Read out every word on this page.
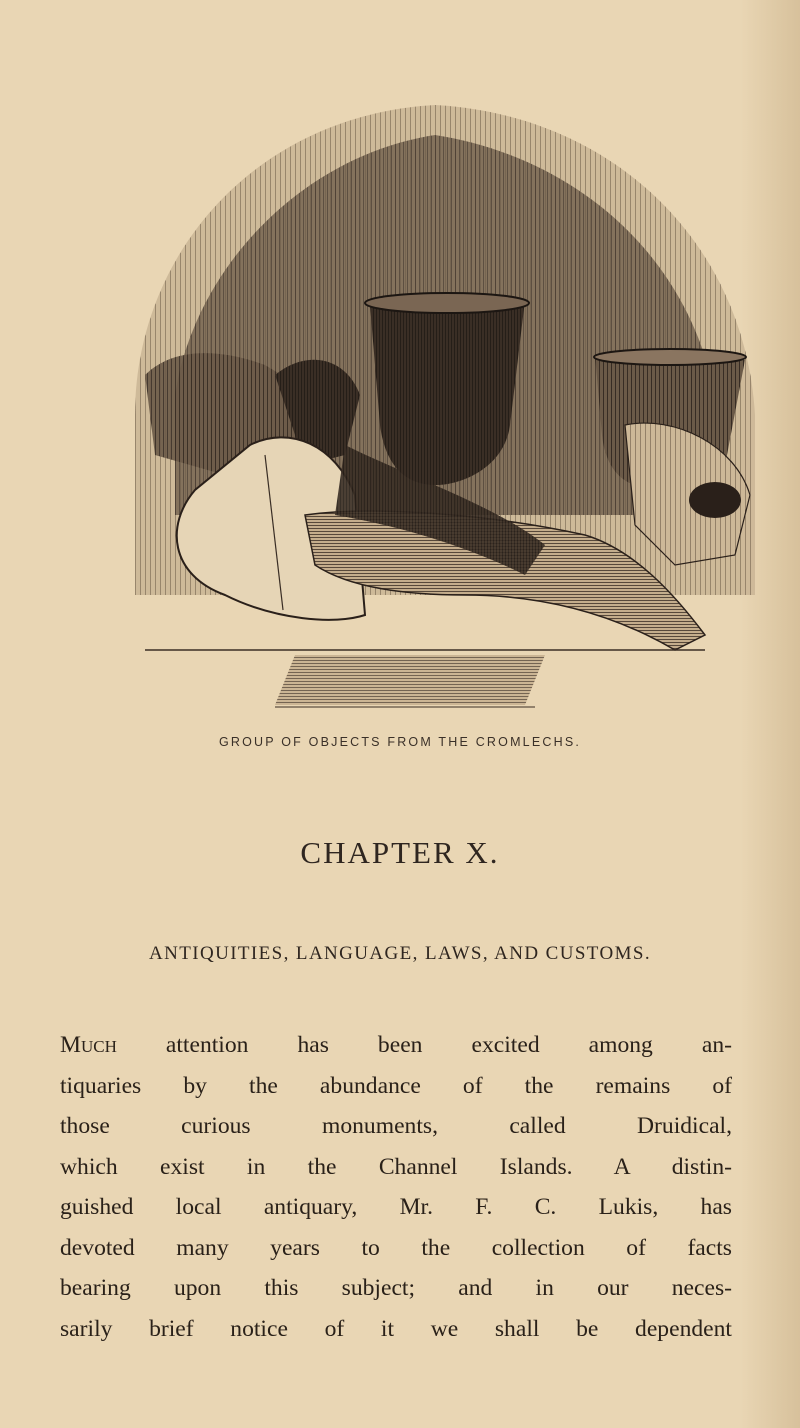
GROUP OF OBJECTS FROM THE CROMLECHS.
CHAPTER X.
ANTIQUITIES, LANGUAGE, LAWS, AND CUSTOMS.
Much attention has been excited among an-
tiquaries by the abundance of the remains of
those curious monuments, called Druidical,
which exist in the Channel Islands. A distin-
guished local antiquary, Mr. F. C. Lukis, has
devoted many years to the collection of facts
bearing upon this subject; and in our neces-
sarily brief notice of it we shall be dependent
